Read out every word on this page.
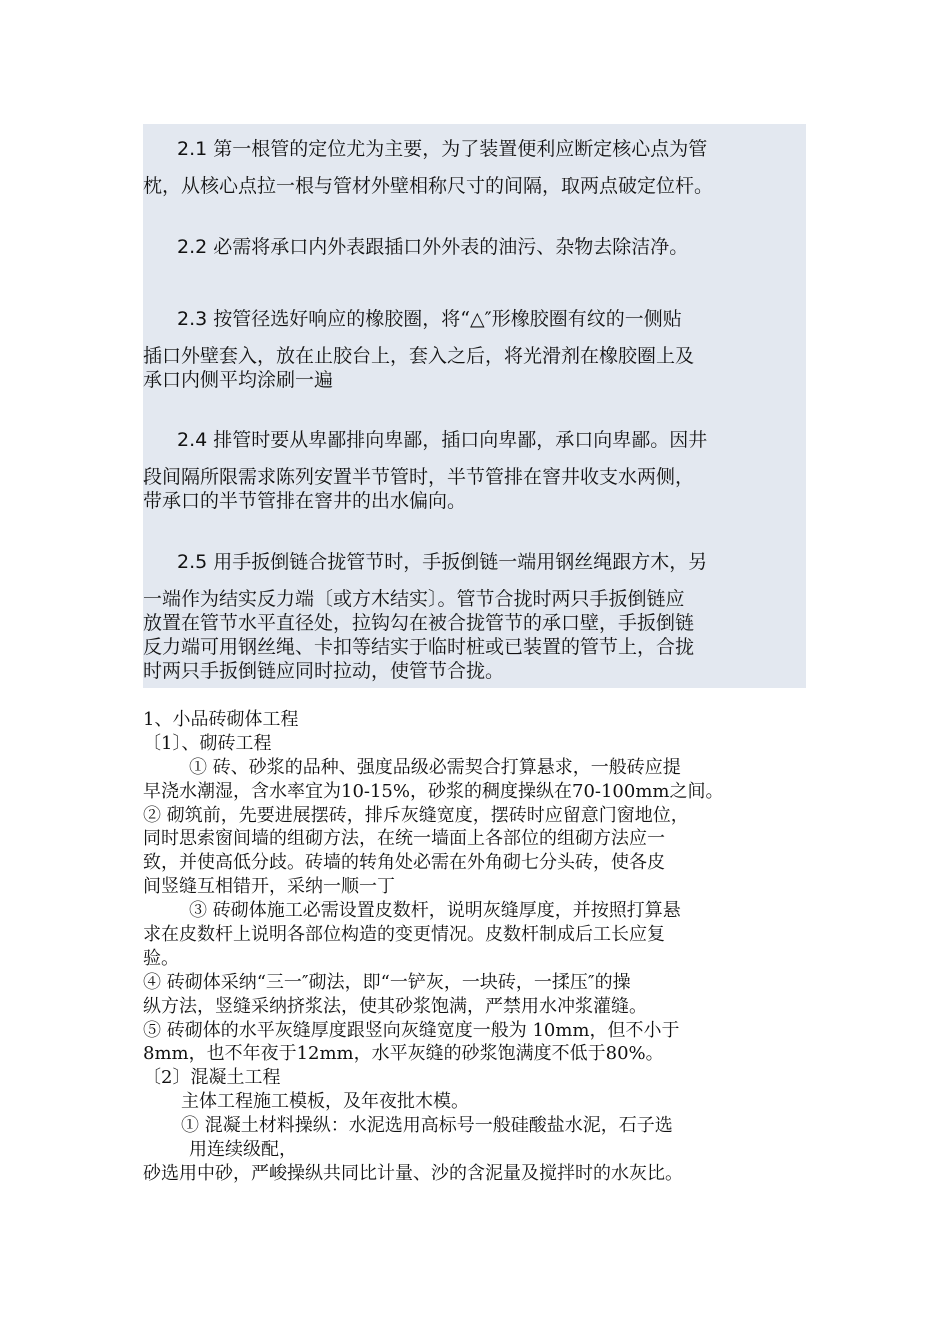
2.1 第一根管的定位尤为主要，为了装置便利应断定核心点为管
枕，从核心点拉一根与管材外壁相称尺寸的间隔，取两点破定位杆。
2.2 必需将承口内外表跟插口外外表的油污、杂物去除洁净。
2.3 按管径选好响应的橡胶圈，将“△″形橡胶圈有纹的一侧贴
插口外壁套入，放在止胶台上，套入之后，将光滑剂在橡胶圈上及
承口内侧平均涂刷一遍
2.4 排管时要从卑鄙排向卑鄙，插口向卑鄙，承口向卑鄙。因井
段间隔所限需求陈列安置半节管时，半节管排在窨井收支水两侧，
带承口的半节管排在窨井的出水偏向。
2.5 用手扳倒链合拢管节时，手扳倒链一端用钢丝绳跟方木，另
一端作为结实反力端〔或方木结实〕。管节合拢时两只手扳倒链应
放置在管节水平直径处，拉钩勾在被合拢管节的承口壁，手扳倒链
反力端可用钢丝绳、卡扣等结实于临时桩或已装置的管节上，合拢
时两只手扳倒链应同时拉动，使管节合拢。
1、小品砖砌体工程
〔1〕、砌砖工程
① 砖、砂浆的品种、强度品级必需契合打算悬求，一般砖应提
早浇水潮湿，含水率宜为10-15%，砂浆的稠度操纵在70-100mm之间。
② 砌筑前，先要进展摆砖，排斥灰缝宽度，摆砖时应留意门窗地位，
同时思索窗间墙的组砌方法，在统一墙面上各部位的组砌方法应一
致，并使高低分歧。砖墙的转角处必需在外角砌七分头砖，使各皮
间竖缝互相错开，采纳一顺一丁
③ 砖砌体施工必需设置皮数杆，说明灰缝厚度，并按照打算悬
求在皮数杆上说明各部位构造的变更情况。皮数杆制成后工长应复
验。
④ 砖砌体采纳“三一″砌法，即“一铲灰，一块砖，一揉压″的操
纵方法，竖缝采纳挤浆法，使其砂浆饱满，严禁用水冲浆灌缝。
⑤ 砖砌体的水平灰缝厚度跟竖向灰缝宽度一般为 10mm，但不小于
8mm，也不年夜于12mm，水平灰缝的砂浆饱满度不低于80%。
〔2〕混凝土工程
主体工程施工模板，及年夜批木模。
① 混凝土材料操纵：水泥选用高标号一般硅酸盐水泥，石子选
用连续级配，
砂选用中砂，严峻操纵共同比计量、沙的含泥量及搅拌时的水灰比。
